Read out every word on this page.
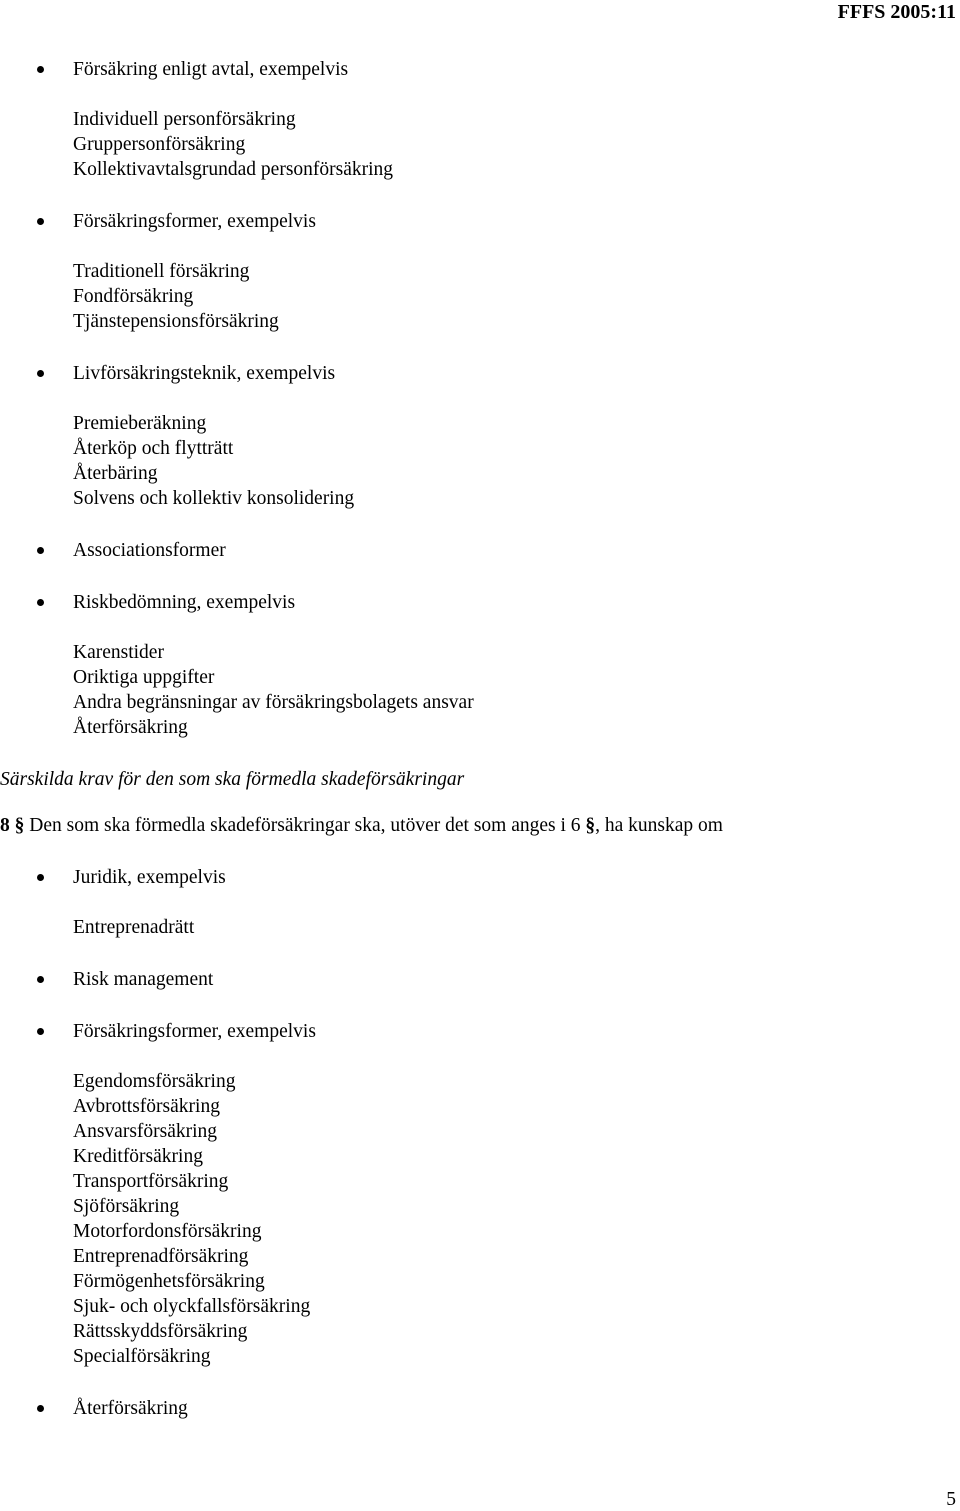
FFFS 2005:11
Försäkring enligt avtal, exempelvis
Individuell personförsäkring
Gruppersonförsäkring
Kollektivavtalsgrundad personförsäkring
Försäkringsformer, exempelvis
Traditionell försäkring
Fondförsäkring
Tjänstepensionsförsäkring
Livförsäkringsteknik, exempelvis
Premieberäkning
Återköp och flytträtt
Återbäring
Solvens och kollektiv konsolidering
Associationsformer
Riskbedömning, exempelvis
Karenstider
Oriktiga uppgifter
Andra begränsningar av försäkringsbolagets ansvar
Återförsäkring
Särskilda krav för den som ska förmedla skadeförsäkringar
8 § Den som ska förmedla skadeförsäkringar ska, utöver det som anges i 6 §, ha kunskap om
Juridik, exempelvis
Entreprenadrätt
Risk management
Försäkringsformer, exempelvis
Egendomsförsäkring
Avbrottsförsäkring
Ansvarsförsäkring
Kreditförsäkring
Transportförsäkring
Sjöförsäkring
Motorfordonsförsäkring
Entreprenadförsäkring
Förmögenhetsförsäkring
Sjuk- och olyckfallsförsäkring
Rättsskyddsförsäkring
Specialförsäkring
Återförsäkring
5
